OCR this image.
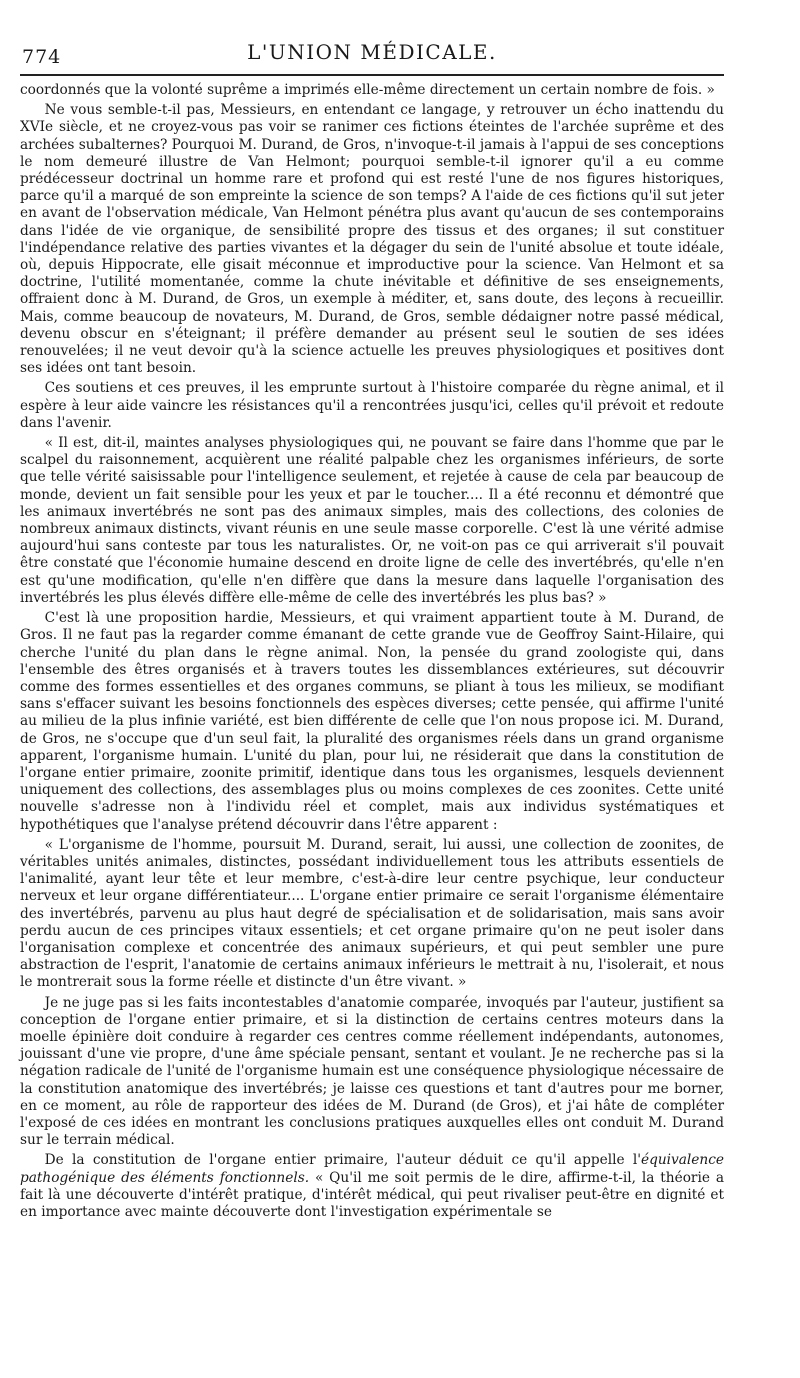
774	L'UNION MÉDICALE.

coordonnés que la volonté suprême a imprimés elle-même directement un certain nombre de fois. »

Ne vous semble-t-il pas, Messieurs, en entendant ce langage, y retrouver un écho inattendu du XVIe siècle, et ne croyez-vous pas voir se ranimer ces fictions éteintes de l'archée suprême et des archées subalternes? Pourquoi M. Durand, de Gros, n'invoque-t-il jamais à l'appui de ses conceptions le nom demeuré illustre de Van Helmont; pourquoi semble-t-il ignorer qu'il a eu comme prédécesseur doctrinal un homme rare et profond qui est resté l'une de nos figures historiques, parce qu'il a marqué de son empreinte la science de son temps? A l'aide de ces fictions qu'il sut jeter en avant de l'observation médicale, Van Helmont pénétra plus avant qu'aucun de ses contemporains dans l'idée de vie organique, de sensibilité propre des tissus et des organes; il sut constituer l'indépendance relative des parties vivantes et la dégager du sein de l'unité absolue et toute idéale, où, depuis Hippocrate, elle gisait méconnue et improductive pour la science. Van Helmont et sa doctrine, l'utilité momentanée, comme la chute inévitable et définitive de ses enseignements, offraient donc à M. Durand, de Gros, un exemple à méditer, et, sans doute, des leçons à recueillir. Mais, comme beaucoup de novateurs, M. Durand, de Gros, semble dédaigner notre passé médical, devenu obscur en s'éteignant; il préfère demander au présent seul le soutien de ses idées renouvelées; il ne veut devoir qu'à la science actuelle les preuves physiologiques et positives dont ses idées ont tant besoin.

Ces soutiens et ces preuves, il les emprunte surtout à l'histoire comparée du règne animal, et il espère à leur aide vaincre les résistances qu'il a rencontrées jusqu'ici, celles qu'il prévoit et redoute dans l'avenir.

« Il est, dit-il, maintes analyses physiologiques qui, ne pouvant se faire dans l'homme que par le scalpel du raisonnement, acquièrent une réalité palpable chez les organismes inférieurs, de sorte que telle vérité saisissable pour l'intelligence seulement, et rejetée à cause de cela par beaucoup de monde, devient un fait sensible pour les yeux et par le toucher.... Il a été reconnu et démontré que les animaux invertébrés ne sont pas des animaux simples, mais des collections, des colonies de nombreux animaux distincts, vivant réunis en une seule masse corporelle. C'est là une vérité admise aujourd'hui sans conteste par tous les naturalistes. Or, ne voit-on pas ce qui arriverait s'il pouvait être constaté que l'économie humaine descend en droite ligne de celle des invertébrés, qu'elle n'en est qu'une modification, qu'elle n'en diffère que dans la mesure dans laquelle l'organisation des invertébrés les plus élevés diffère elle-même de celle des invertébrés les plus bas? »

C'est là une proposition hardie, Messieurs, et qui vraiment appartient toute à M. Durand, de Gros. Il ne faut pas la regarder comme émanant de cette grande vue de Geoffroy Saint-Hilaire, qui cherche l'unité du plan dans le règne animal. Non, la pensée du grand zoologiste qui, dans l'ensemble des êtres organisés et à travers toutes les dissemblances extérieures, sut découvrir comme des formes essentielles et des organes communs, se pliant à tous les milieux, se modifiant sans s'effacer suivant les besoins fonctionnels des espèces diverses; cette pensée, qui affirme l'unité au milieu de la plus infinie variété, est bien différente de celle que l'on nous propose ici. M. Durand, de Gros, ne s'occupe que d'un seul fait, la pluralité des organismes réels dans un grand organisme apparent, l'organisme humain. L'unité du plan, pour lui, ne résiderait que dans la constitution de l'organe entier primaire, zoonite primitif, identique dans tous les organismes, lesquels deviennent uniquement des collections, des assemblages plus ou moins complexes de ces zoonites. Cette unité nouvelle s'adresse non à l'individu réel et complet, mais aux individus systématiques et hypothétiques que l'analyse prétend découvrir dans l'être apparent :

« L'organisme de l'homme, poursuit M. Durand, serait, lui aussi, une collection de zoonites, de véritables unités animales, distinctes, possédant individuellement tous les attributs essentiels de l'animalité, ayant leur tête et leur membre, c'est-à-dire leur centre psychique, leur conducteur nerveux et leur organe différentiateur.... L'organe entier primaire ce serait l'organisme élémentaire des invertébrés, parvenu au plus haut degré de spécialisation et de solidarisation, mais sans avoir perdu aucun de ces principes vitaux essentiels; et cet organe primaire qu'on ne peut isoler dans l'organisation complexe et concentrée des animaux supérieurs, et qui peut sembler une pure abstraction de l'esprit, l'anatomie de certains animaux inférieurs le mettrait à nu, l'isolerait, et nous le montrerait sous la forme réelle et distincte d'un être vivant. »

Je ne juge pas si les faits incontestables d'anatomie comparée, invoqués par l'auteur, justifient sa conception de l'organe entier primaire, et si la distinction de certains centres moteurs dans la moelle épinière doit conduire à regarder ces centres comme réellement indépendants, autonomes, jouissant d'une vie propre, d'une âme spéciale pensant, sentant et voulant. Je ne recherche pas si la négation radicale de l'unité de l'organisme humain est une conséquence physiologique nécessaire de la constitution anatomique des invertébrés; je laisse ces questions et tant d'autres pour me borner, en ce moment, au rôle de rapporteur des idées de M. Durand (de Gros), et j'ai hâte de compléter l'exposé de ces idées en montrant les conclusions pratiques auxquelles elles ont conduit M. Durand sur le terrain médical.

De la constitution de l'organe entier primaire, l'auteur déduit ce qu'il appelle l'équivalence pathogénique des éléments fonctionnels. « Qu'il me soit permis de le dire, affirme-t-il, la théorie a fait là une découverte d'intérêt pratique, d'intérêt médical, qui peut rivaliser peut-être en dignité et en importance avec mainte découverte dont l'investigation expérimentale se
